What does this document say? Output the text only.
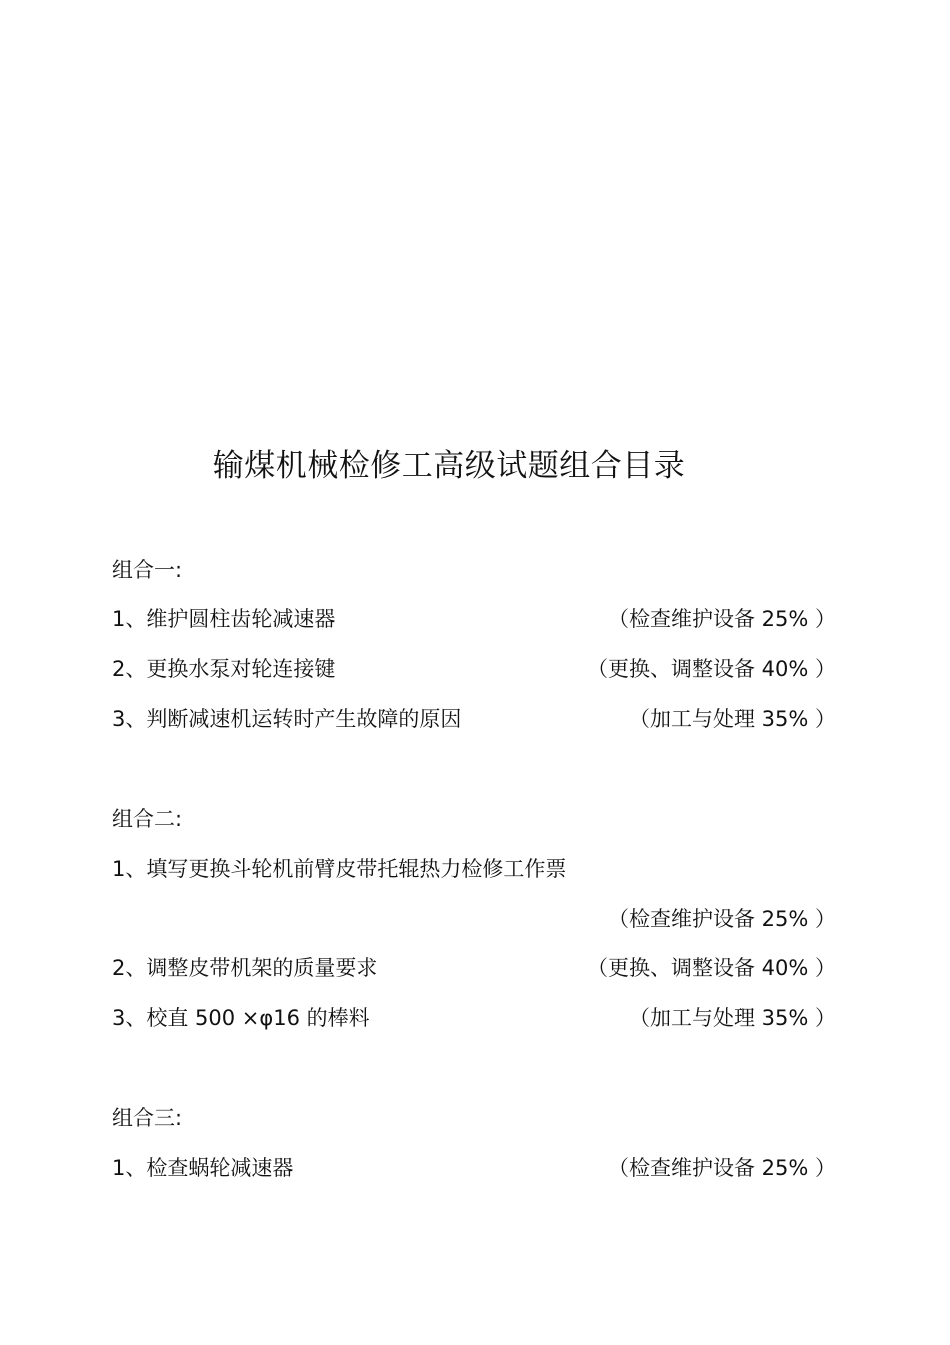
输煤机械检修工高级试题组合目录
组合一:
1、维护圆柱齿轮减速器	（检查维护设备 25% ）
2、更换水泵对轮连接键	（更换、调整设备 40% ）
3、判断减速机运转时产生故障的原因	（加工与处理 35% ）
组合二:
1、填写更换斗轮机前臂皮带托辊热力检修工作票
（检查维护设备 25% ）
2、调整皮带机架的质量要求	（更换、调整设备 40% ）
3、校直 500 ×φ16 的棒料	（加工与处理 35% ）
组合三:
1、检查蜗轮减速器	（检查维护设备 25% ）
